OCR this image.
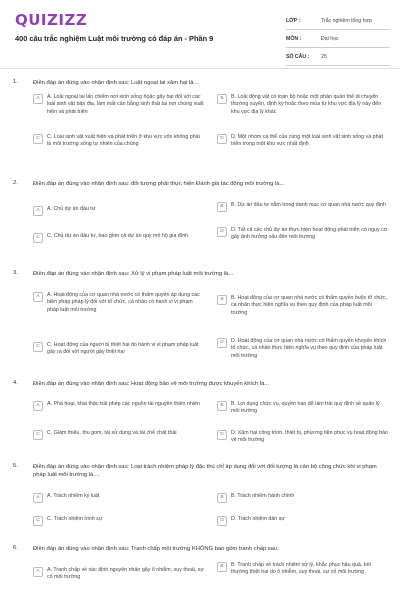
QUIZIZZ
400 câu trắc nghiệm Luật môi trường có đáp án - Phần 9
LỚP :	Trắc nghiệm tổng hợp
MÔN :	Đại học
SỐ CÂU :	25
1.	Điền đáp án đúng vào nhận định sau: Luật ngoại lai xâm hại là...
A	A. Loài ngoại lai lấn chiếm nơi sinh sống hoặc gây hại đối với các loài sinh vật bản địa, làm mất cân bằng sinh thái tại nơi chúng xuất hiện và phát triển
B	B. Loài động vật có toàn bộ hoặc một phân quần thể di chuyển thường xuyên, định kỳ hoặc theo mùa từ khu vực địa lý này đến khu vực địa lý khác
C	C. Loài sinh vật xuất hiện và phát triển ở khu vực vốn không phải là môi trường sống tự nhiên của chúng
D	D. Một nhóm cá thể của cùng một loài sinh vật sinh sống và phát triển trong một khu vực nhất định
2.	Điền đáp án đúng vào nhận định sau: đối tượng phải thực hiện Đánh giá tác động môi trường là...
A	A. Chủ dự án đầu tư	B	B. Dự án đầu tư nằm trong danh mục cơ quan nhà nước quy định
C	C. Chủ dự án đầu tư, bao gồm cả dự án quy mô hộ gia đình
D	D. Tất cả các chủ dự án thực hiện hoạt động phát triển có nguy cơ gây ảnh hưởng xấu đến môi trường
3.	Điền đáp án đúng vào nhận định sau: Xử lý vi phạm pháp luật môi trường là...
A	A. Hoạt động của cơ quan nhà nước có thẩm quyền áp dụng các biện pháp pháp lý đối với tổ chức, cá nhân có hành vi vi phạm pháp luật môi trường
B	B. Hoạt động của cơ quan nhà nước có thẩm quyền buộc tổ chức, cá nhân thực hiện nghĩa vụ theo quy định của pháp luật môi trường
C	C. Hoạt động của người bị thiệt hại do hành vi vi phạm pháp luật gây ra đối với người gây thiệt hại
D	D. Hoạt động của cơ quan nhà nước có thẩm quyền khuyến khích tổ chức, cá nhân thực hiện nghĩa vụ theo quy định của pháp luật môi trường
4.	Điền đáp án đúng vào nhận định sau: Hoạt động bảo vệ môi trường được khuyến khích là...
A	A. Phá hoại, khai thác trái phép các nguồn tài nguyên thiên nhiên	B	B. Lợi dụng chức vụ, quyền hạn để làm trái quy định về quản lý môi trường
C	C. Giảm thiểu, thu gom, tái sử dụng và tái chế chất thải	D	D. Xâm hại công trình, thiết bị, phương tiện phục vụ hoạt động bảo vệ môi trường
5.	Điền đáp án đúng vào nhận định sau: Loại trách nhiệm pháp lý đặc thù chỉ áp dụng đối với đối tượng là cán bộ công chức khi vi phạm pháp luật môi trường là....
A	A. Trách nhiệm kỷ luật	B	B. Trách nhiệm hành chính
C	C. Trách nhiệm hình sự	D	D. Trách nhiệm dân sự
6.	Điền đáp án đúng vào nhận định sau: Tranh chấp môi trường KHÔNG bao gồm tranh chấp sau:
A	A. Tranh chấp về xác định nguyên nhân gây ô nhiễm, suy thoái, sự cố môi trường
B	B. Tranh chấp về trách nhiệm xử lý, khắc phục hậu quả, bồi thường thiệt hại do ô nhiễm, suy thoái, sự cố môi trường
